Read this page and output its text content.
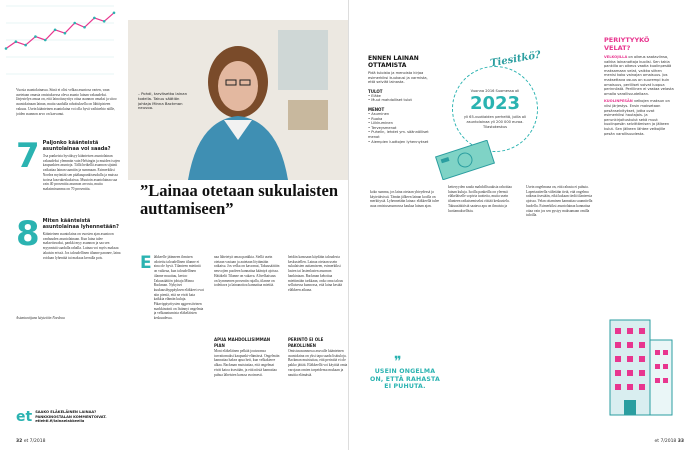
Vuosia asuntolainassa. Siinä ei olisi velkaa asuntosa varten, vaan asetetaan omasta omistuksessa oleva asunto lainan vakuudeksi. Järjestelyn ansaa on, että lainoitusyritys ottaa asunnon omaksi ja sitoo asuntolainaan lainan, mutta saadulla rahoituksella on lähtöpisteen vakuus. Usein käänteinen asuntolaina voi olla hyvä vaihtoehto niille, joiden asunnon arvo on kasvanut.

7 Paljonko käänteistä asuntolainaa voi saada?

Osa pankeista hyväksyy käänteisen asuntolainan vakuudeksi ylemmän vain Helsingin ja muiden isojen kaupunkien asuntoja. Tällä hetkellä asunnon sijainti vaikuttaa lainan saantiin ja summaan. Esimerkiksi Nordea myöntää sen pääkaupunkiseudulla ja muissa isoissa kasvukeskuksissa. Muutoin asuntolainaa saa vain 40 prosenttia asunnon arvosta, mutta maksimisumma on 70 prosenttia.

8 Miten käänteistä asuntolainaa lyhennetään?

Käänteinen asuntolaina on vuosien ajan asuntoon vanhuuden asuntolainaan. Kun laina tulee maksettavaksi, pankki myy asunnon ja saa sen myynnistä saadulla rahalla. Lainaa voi myös maksaa takaisin erissä. Jos taloudellinen tilanne paranee, laina voidaan lyhentää tai maksaa kerralla pois.

Asiantuntijana käytettiin Nordeaa

et SAAKO ELÄKELÄINEN LAINAA? PANKKINOSTALAN KOMMENTOIVAT. etlehti.fi/lainaelakkeella

– Pohdi, tarvitsetko lainan todella. Takuu säätiön johtaja Minna Backman neuvoo.

”Lainaa otetaan sukulaisten auttamiseen”
E läkkeelle jäänneen ihmisen odotettu taloudellinen tilanne ei aina ole hyvä. Tilanteen mietintä on vaikeaa, kun taloudellinen tilanne muuttuu, kertoo Takuusäätiön johtaja Minna Backman. Nykyiset kuukausihyppäyksen eläkkeet ovat niin pieniä, että ne eivät kata kaikkia elämän kuluja. Pikavippiyritysten aggressiivinen markkinointi on lisännyt ongelmia ja velkaantumista eläkeläisten keskuudessa.

naa lähetetyä omaa pankkia. Siellä usein otetaan vastaan ja autetaan löytämään ratkaisu. Jos velka on kasvanut, Takuusäätiön neuvojien puoleen kannattaa kääntyä ajoissa. Hätäkelit Tilanne on vakava. Alivelkaisuus on kymmenen prosentin rajalla, tilanne on todettava ja lainanottoa kannattaa miettiä.

APUA MAHDOLLISIMMAN PIAN

Moni eläkeläinen pelkää joutuvansa turvattomaksi kaupunki-elämässä. Ongelmiin kannattaa hakea apua heti, kun velkakierre alkaa. Backman muistuttaa, että ongelmat eivät katoa itsestään, ja että niistä kannattaa puhua läheisten kanssa avoimesti.

heidän kanssaan käydään taloudesta keskustellen. Lainaa otetaan usein sukulaisten auttamiseen, esimerkiksi lasten tai lastenlasten asunnon hankintaan. Backman kehottaa miettimään tarkkaan, onko oma talous sellaisessa kunnossa, että laina kestää eläkkeen aikana.

PERINTÖ EI OLE PAKOLLINEN

Omistusasunnossa asuvalle käänteinen asuntolaina on yksi tapa saada lisätuloja. Backman muistuttaa, että perintöä ei ole pakko jättää. Eläkkeellä voi käyttää omia varojaan omien tarpeidensa mukaan ja nauttia elämästä.

32 et 7/2018
ENNEN LAINAN OTTAMISTA

Pidä tuloista ja menoista kirjaa esimerkiksi kuukausi ja varmista, että selviät lainasta.

TULOT
• Eläke
• Muut mahdolliset tulot
MENOT
• Asuminen
• Ruoka
• Liikkuminen
• Terveysmenot
• Puhelin, lehdet ym. säännölliset menot
• Aiempien luottojen lyhennykset
Tiesitkö?

Vuonna 2016 Suomessa oli

2023

yli 65-vuotiaiden perheitä, joilla oli asuntolainaa yli 200 000 euroa. Tilastokeskus

koko summa, jos laina otetaan yhteydessä ja käytettävissä. Tämän jälkeen lainan koolla on merkitystä. Lyhennetään lainaa: eläkkeellä tulee asua omistusasunnossa kaukaa lainan ajan.

❞

USEIN ONGELMA ON, ETTÄ RAHASTA EI PUHUTA.

ketteryyden saada mahdollisuuksia rahoittaa lainan kuluja. Isoilla pankeilla on yleensä eläkeläiselle sopivia tuotteita, mutta usein tilanteen ratkaisemiseksi riittää keskustelu. Takuusäätiöstä saatava apu on ilmaista ja luottamuksellista.

Usein ongelmana on, että rahasta ei puhuta. Laperiaatteella vältetään tietä, että ongelma ratkeaa itsestään, eikä kukaan tiedä tilanteesta ajoissa. Velan ottaminen kannattaa suunnitella huolella. Esimerkiksi asuntolainaa kannattaa ottaa vain jos sen pystyy maksamaan omilla tuloilla.

PERIYTYYKÖ VELAT?

VELKOJILLA on oikeus saataviinsa, vaikka lainanottaja kuolisi. Sen takia pankilla on oikeus vaatia kuolinpesää maksamaan velat, vaikka siihen menisi koko vainajan omaisuus. Jos maksettava osuus on suurempi kuin omaisuus, perilliset voivat luopua perinnöstä. Perillinen ei vastaa velasta omalla varallisuudellaan.

KUOLINPESÄN velkojen maksun on viisi järjestys. Ensin maksetaan pesänselvitykset, jotka ovat esimerkiksi hautajais- ja perunkirjoituskulut sekä muut kuolinpesän selvittämisen ja jälkeen kulut. Sen jälkeen lähtee velkojille pesän varallisuudesta.

et 7/2018 33
